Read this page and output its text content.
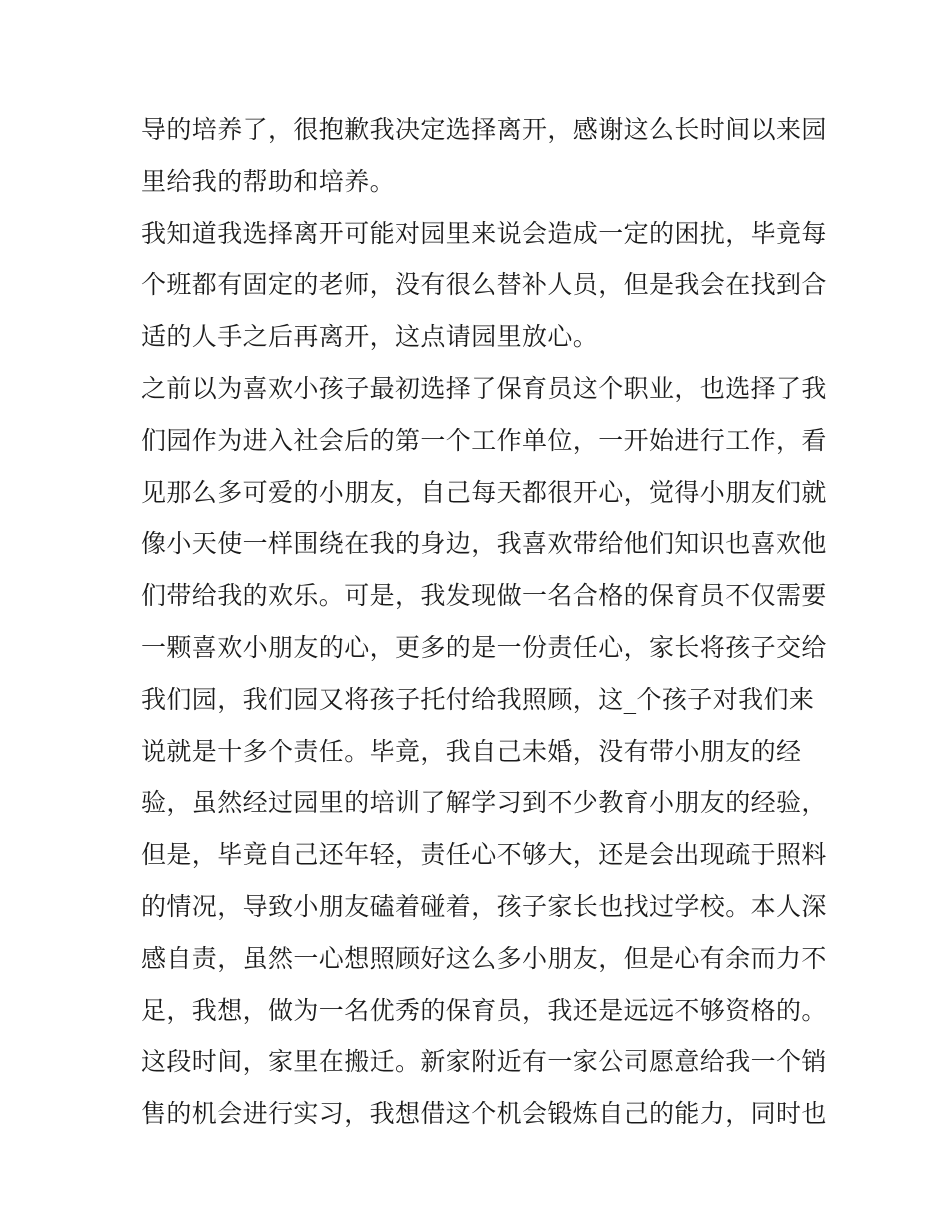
导的培养了，很抱歉我决定选择离开，感谢这么长时间以来园
里给我的帮助和培养。
我知道我选择离开可能对园里来说会造成一定的困扰，毕竟每
个班都有固定的老师，没有很么替补人员，但是我会在找到合
适的人手之后再离开，这点请园里放心。
之前以为喜欢小孩子最初选择了保育员这个职业，也选择了我
们园作为进入社会后的第一个工作单位，一开始进行工作，看
见那么多可爱的小朋友，自己每天都很开心，觉得小朋友们就
像小天使一样围绕在我的身边，我喜欢带给他们知识也喜欢他
们带给我的欢乐。可是，我发现做一名合格的保育员不仅需要
一颗喜欢小朋友的心，更多的是一份责任心，家长将孩子交给
我们园，我们园又将孩子托付给我照顾，这_个孩子对我们来
说就是十多个责任。毕竟，我自己未婚，没有带小朋友的经
验，虽然经过园里的培训了解学习到不少教育小朋友的经验，
但是，毕竟自己还年轻，责任心不够大，还是会出现疏于照料
的情况，导致小朋友磕着碰着，孩子家长也找过学校。本人深
感自责，虽然一心想照顾好这么多小朋友，但是心有余而力不
足，我想，做为一名优秀的保育员，我还是远远不够资格的。
这段时间，家里在搬迁。新家附近有一家公司愿意给我一个销
售的机会进行实习，我想借这个机会锻炼自己的能力，同时也
